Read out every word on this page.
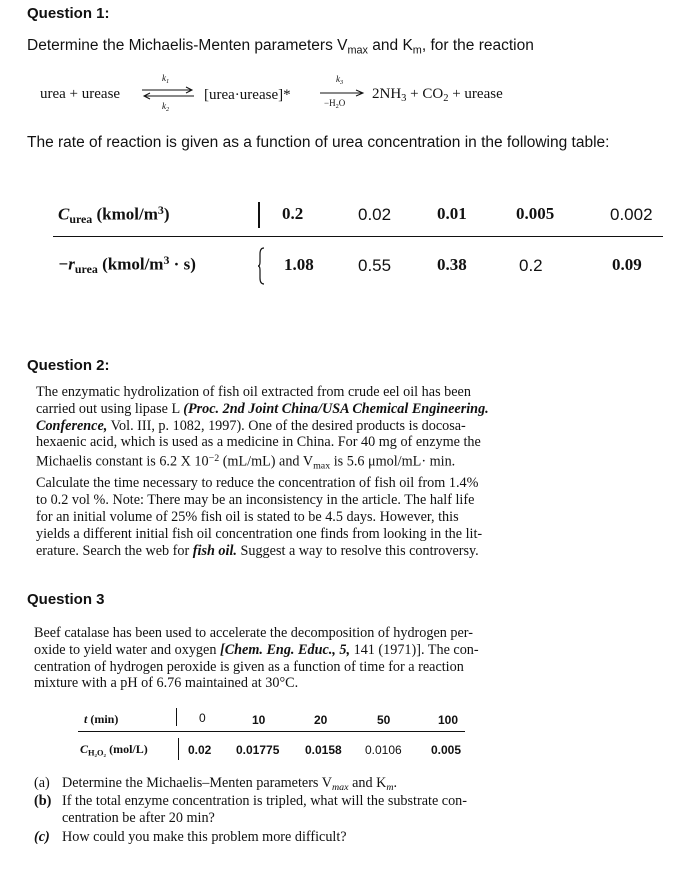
Question 1:
Determine the Michaelis-Menten parameters $V_{max}$ and $K_m$, for the reaction
urea + urease
$k_1$
$k_2$
[urea·urease]*
$k_3$
$-H_2O$
$2NH_3 + CO_2$ + urease
The rate of reaction is given as a function of urea concentration in the following table:
$C_{urea}$ $(kmol/m^3)$	0.2	0.02	0.01	0.005	0.002
$-r_{urea}$ $(kmol/m^3 \cdot s)$	1.08	0.55	0.38	0.2	0.09
Question 2:
The enzymatic hydrolization of fish oil extracted from crude eel oil has been
carried out using lipase L (Proc. 2nd Joint China/USA Chemical Engineering.
Conference, Vol. III, p. 1082, 1997). One of the desired products is docosa-
hexaenic acid, which is used as a medicine in China. For 40 mg of enzyme the
Michaelis constant is 6.2 X $10^{-2}$ (mL/mL) and $V_{max}$ is 5.6 μmol/mL· min.
Calculate the time necessary to reduce the concentration of fish oil from 1.4%
to 0.2 vol %. Note: There may be an inconsistency in the article. The half life
for an initial volume of 25% fish oil is stated to be 4.5 days. However, this
yields a different initial fish oil concentration one finds from looking in the lit-
erature. Search the web for fish oil. Suggest a way to resolve this controversy.
Question 3
Beef catalase has been used to accelerate the decomposition of hydrogen per-
oxide to yield water and oxygen [Chem. Eng. Educ., 5, 141 (1971)]. The con-
centration of hydrogen peroxide is given as a function of time for a reaction
mixture with a pH of 6.76 maintained at 30°C.
t (min)	0	10	20	50	100
$C_{H_2O_2}$ (mol/L)	0.02 0.01775 0.0158 0.0106 0.005
(a) Determine the Michaelis–Menten parameters $V_{max}$ and $K_m$.
(b) If the total enzyme concentration is tripled, what will the substrate con-
centration be after 20 min?
(c) How could you make this problem more difficult?
